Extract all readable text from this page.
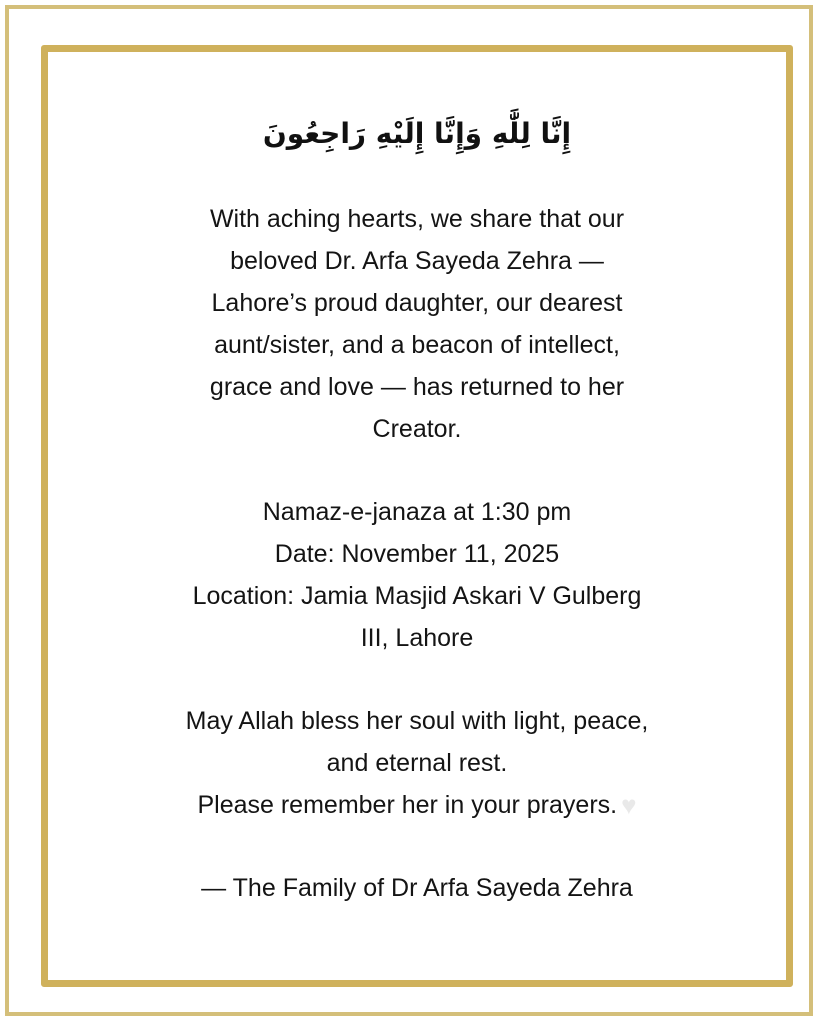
إِنَّا لِلَّٰهِ وَإِنَّا إِلَيْهِ رَاجِعُونَ
With aching hearts, we share that our
beloved Dr. Arfa Sayeda Zehra —
Lahore’s proud daughter, our dearest
aunt/sister, and a beacon of intellect,
grace and love — has returned to her
Creator.
Namaz-e-janaza at 1:30 pm
Date: November 11, 2025
Location: Jamia Masjid Askari V Gulberg
III, Lahore
May Allah bless her soul with light, peace,
and eternal rest.
Please remember her in your prayers. ♥
— The Family of Dr Arfa Sayeda Zehra
